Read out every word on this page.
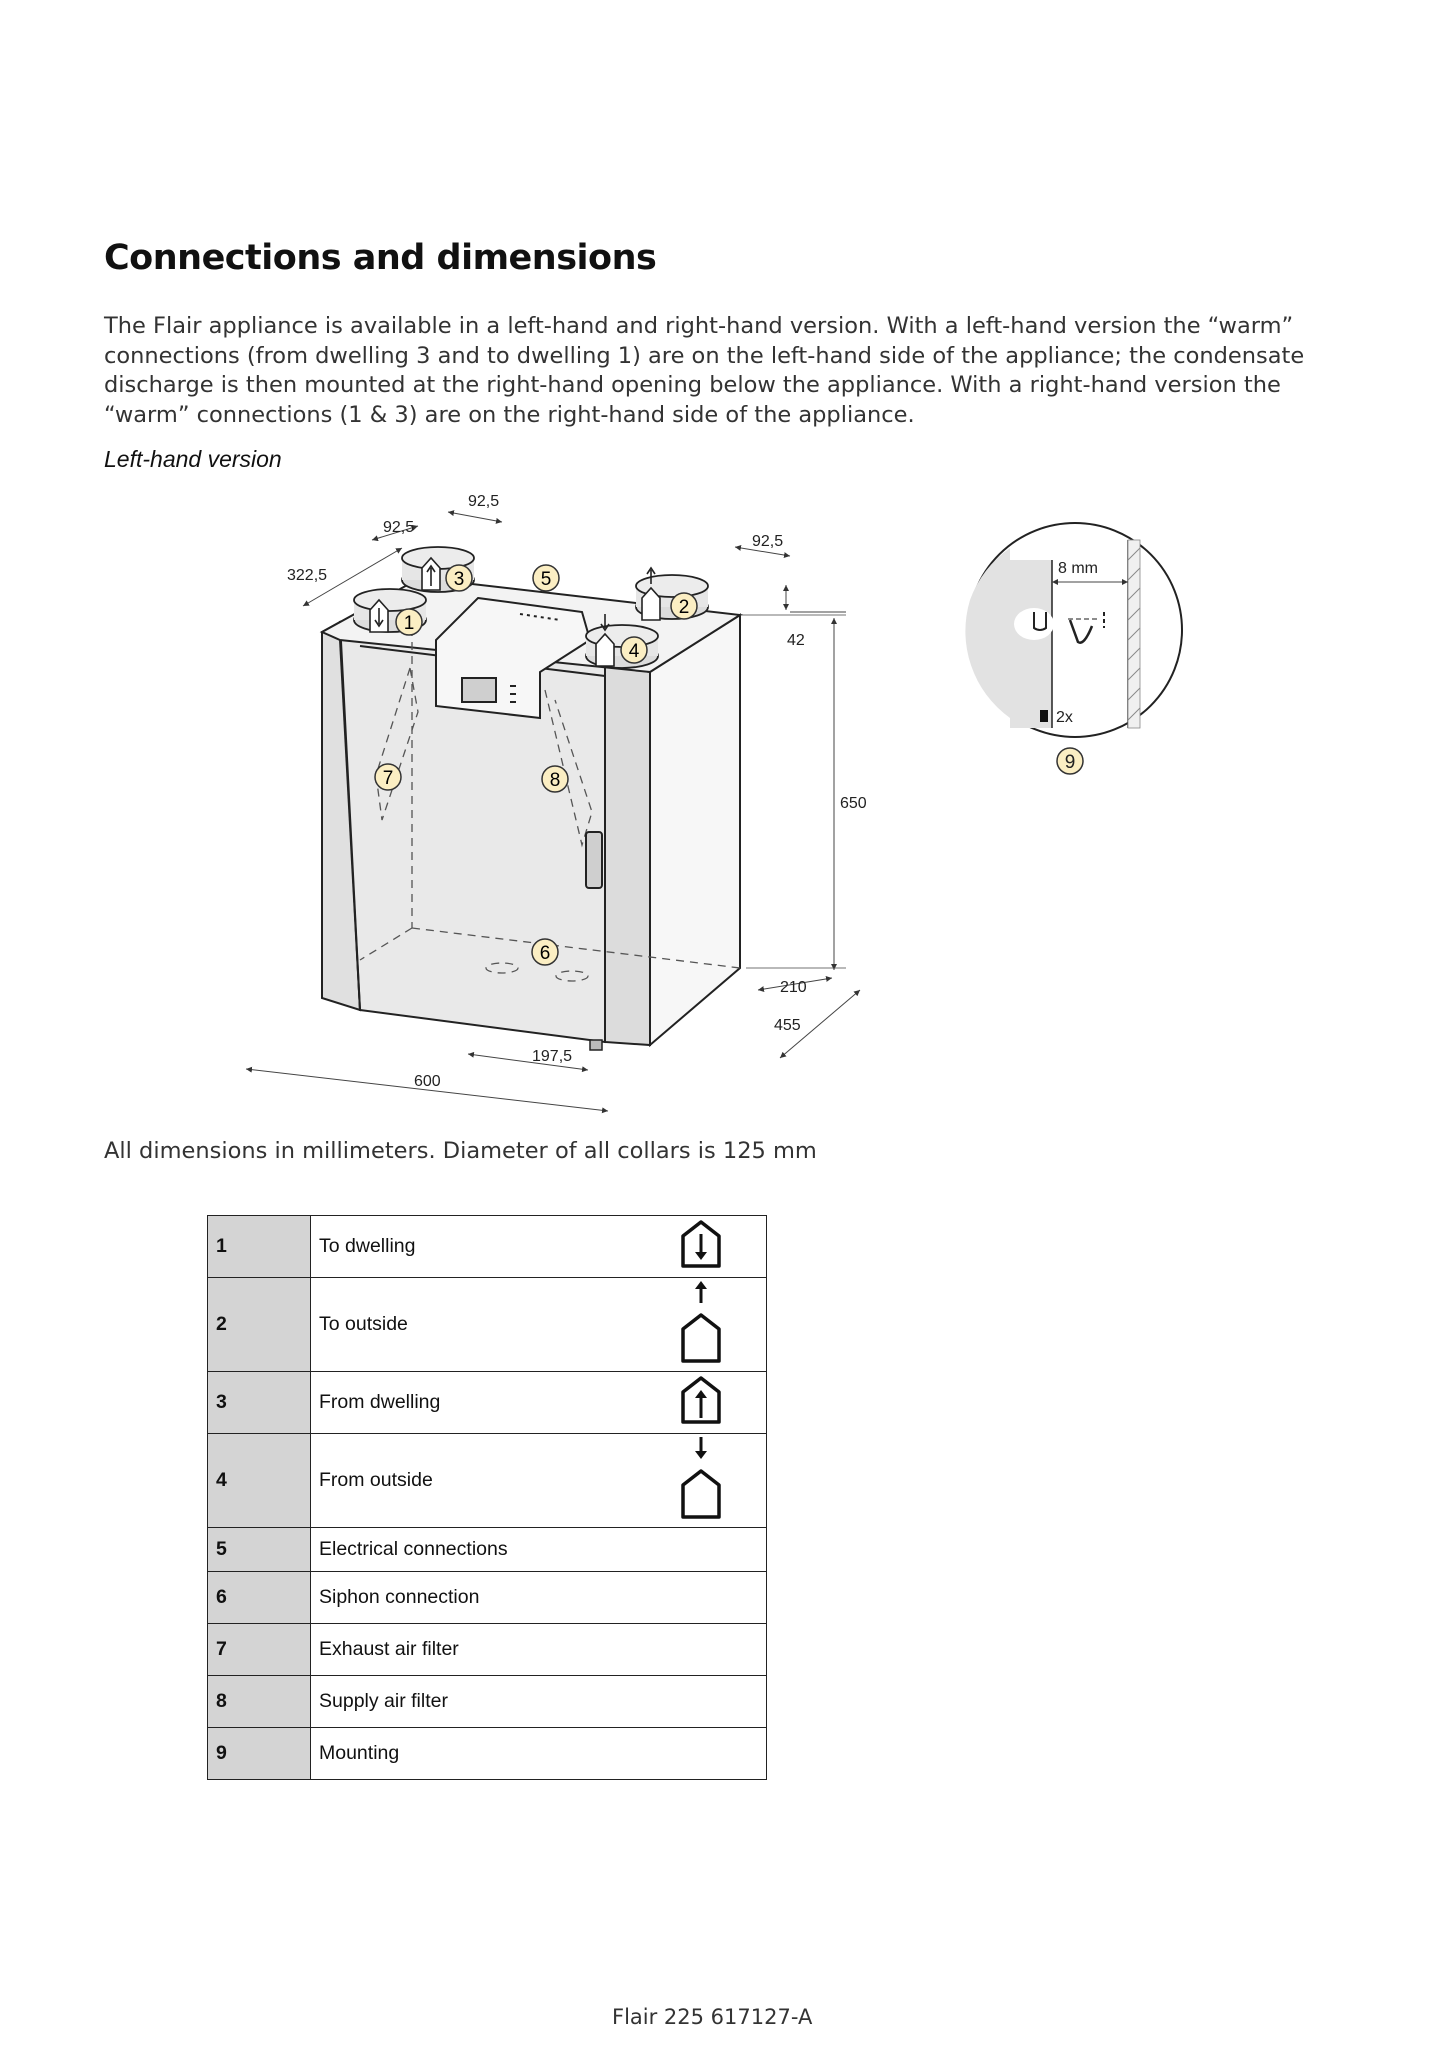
Connections and dimensions

The Flair appliance is available in a left-hand and right-hand version. With a left-hand version the “warm” connections (from dwelling 3 and to dwelling 1) are on the left-hand side of the appliance; the condensate discharge is then mounted at the right-hand opening below the appliance. With a right-hand version the “warm” connections (1 & 3) are on the right-hand side of the appliance.

Left-hand version
1
2
3
4
5
6
7	8
92,5
92,5
322,5
92,5
42
650
210
455
197,5
600
8 mm
2x
9
All dimensions in millimeters. Diameter of all collars is 125 mm
1	To dwelling	
2	To outside	
3	From dwelling	
4	From outside	
5	Electrical connections	
6	Siphon connection	
7	Exhaust air filter	
8	Supply air filter	
9	Mounting	
Flair 225 617127-A
